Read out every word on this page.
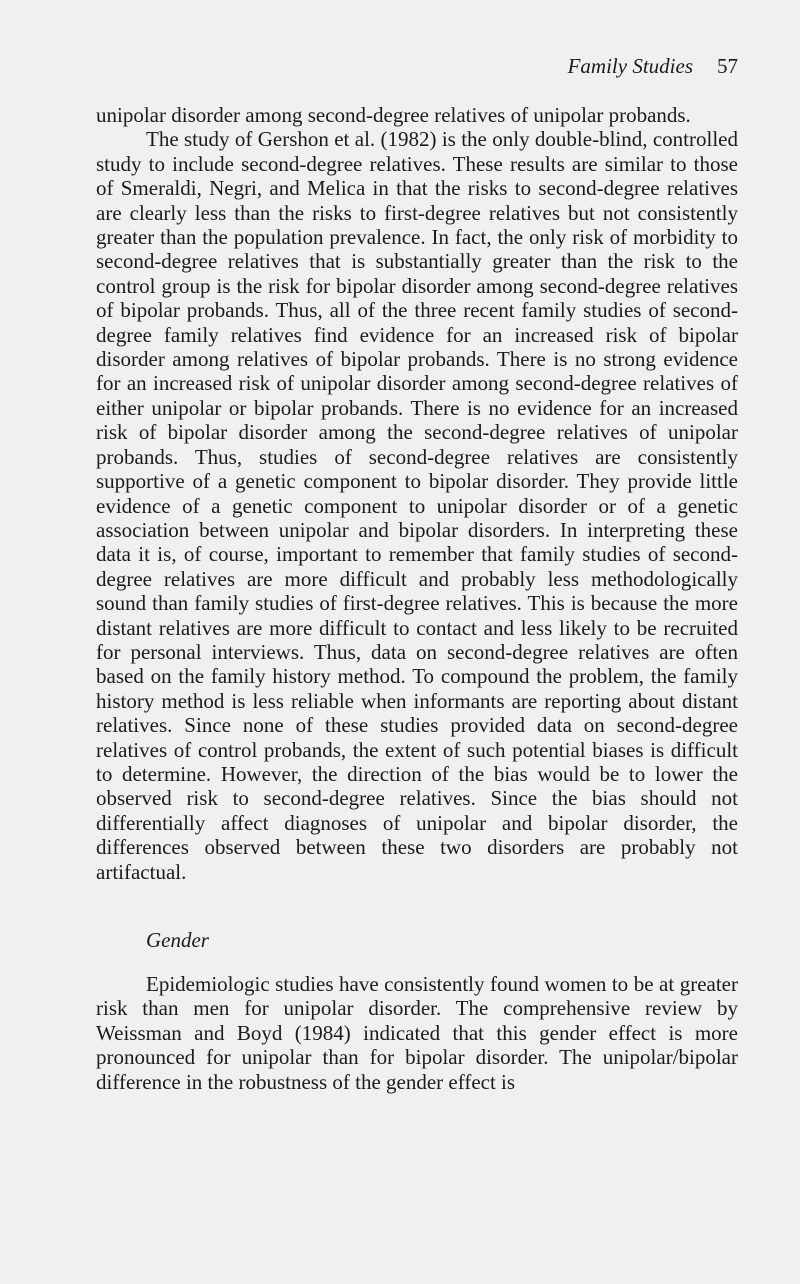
Family Studies 57

unipolar disorder among second-degree relatives of unipolar probands.

The study of Gershon et al. (1982) is the only double-blind, controlled study to include second-degree relatives. These results are similar to those of Smeraldi, Negri, and Melica in that the risks to second-degree relatives are clearly less than the risks to first-degree relatives but not consistently greater than the population prevalence. In fact, the only risk of morbidity to second-degree relatives that is substantially greater than the risk to the control group is the risk for bipolar disorder among second-degree relatives of bipolar probands. Thus, all of the three recent family studies of second-degree family relatives find evidence for an increased risk of bipolar disorder among relatives of bipolar probands. There is no strong evidence for an increased risk of unipolar disorder among second-degree relatives of either unipolar or bipolar probands. There is no evidence for an increased risk of bipolar disorder among the second-degree relatives of unipolar probands. Thus, studies of second-degree relatives are consistently supportive of a genetic component to bipolar disorder. They provide little evidence of a genetic component to unipolar disorder or of a genetic association between unipolar and bipolar disorders. In interpreting these data it is, of course, important to remember that family studies of second-degree relatives are more difficult and probably less methodologically sound than family studies of first-degree relatives. This is because the more distant relatives are more difficult to contact and less likely to be recruited for personal interviews. Thus, data on second-degree relatives are often based on the family history method. To compound the problem, the family history method is less reliable when informants are reporting about distant relatives. Since none of these studies provided data on second-degree relatives of control probands, the extent of such potential biases is difficult to determine. However, the direction of the bias would be to lower the observed risk to second-degree relatives. Since the bias should not differentially affect diagnoses of unipolar and bipolar disorder, the differences observed between these two disorders are probably not artifactual.

Gender

Epidemiologic studies have consistently found women to be at greater risk than men for unipolar disorder. The comprehensive review by Weissman and Boyd (1984) indicated that this gender effect is more pronounced for unipolar than for bipolar disorder. The unipolar/bipolar difference in the robustness of the gender effect is
